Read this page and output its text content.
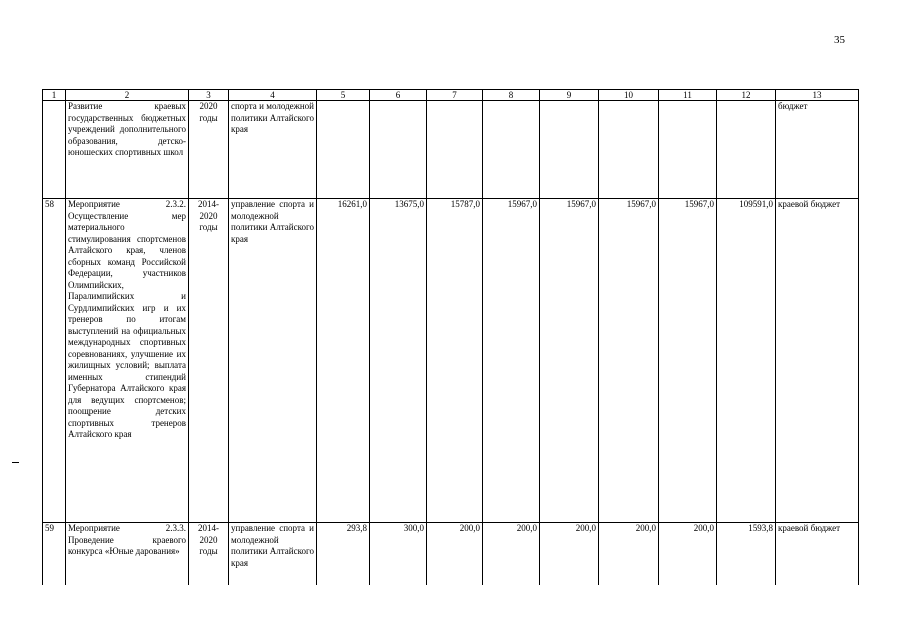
35
1	2	3	4	5	6	7	8	9	10	11	12	13
	Развитие краевых государственных бюджетных учреждений дополнительного образования, детско-юношеских спортивных школ	2020 годы	спорта и молодежной политики Алтайского края									бюджет
58	Мероприятие 2.3.2. Осуществление мер материального стимулирования спортсменов Алтайского края, членов сборных команд Российской Федерации, участников Олимпийских, Паралимпийских и Сурдлимпийских игр и их тренеров по итогам выступлений на официальных международных спортивных соревнованиях, улучшение их жилищных условий; выплата именных стипендий Губернатора Алтайского края для ведущих спортсменов; поощрение детских спортивных тренеров Алтайского края	2014-2020 годы	управление спорта и молодежной политики Алтайского края	16261,0	13675,0	15787,0	15967,0	15967,0	15967,0	15967,0	109591,0	краевой бюджет
59	Мероприятие 2.3.3. Проведение краевого конкурса «Юные дарования»	2014-2020 годы	управление спорта и молодежной политики Алтайского края	293,8	300,0	200,0	200,0	200,0	200,0	200,0	1593,8	краевой бюджет
